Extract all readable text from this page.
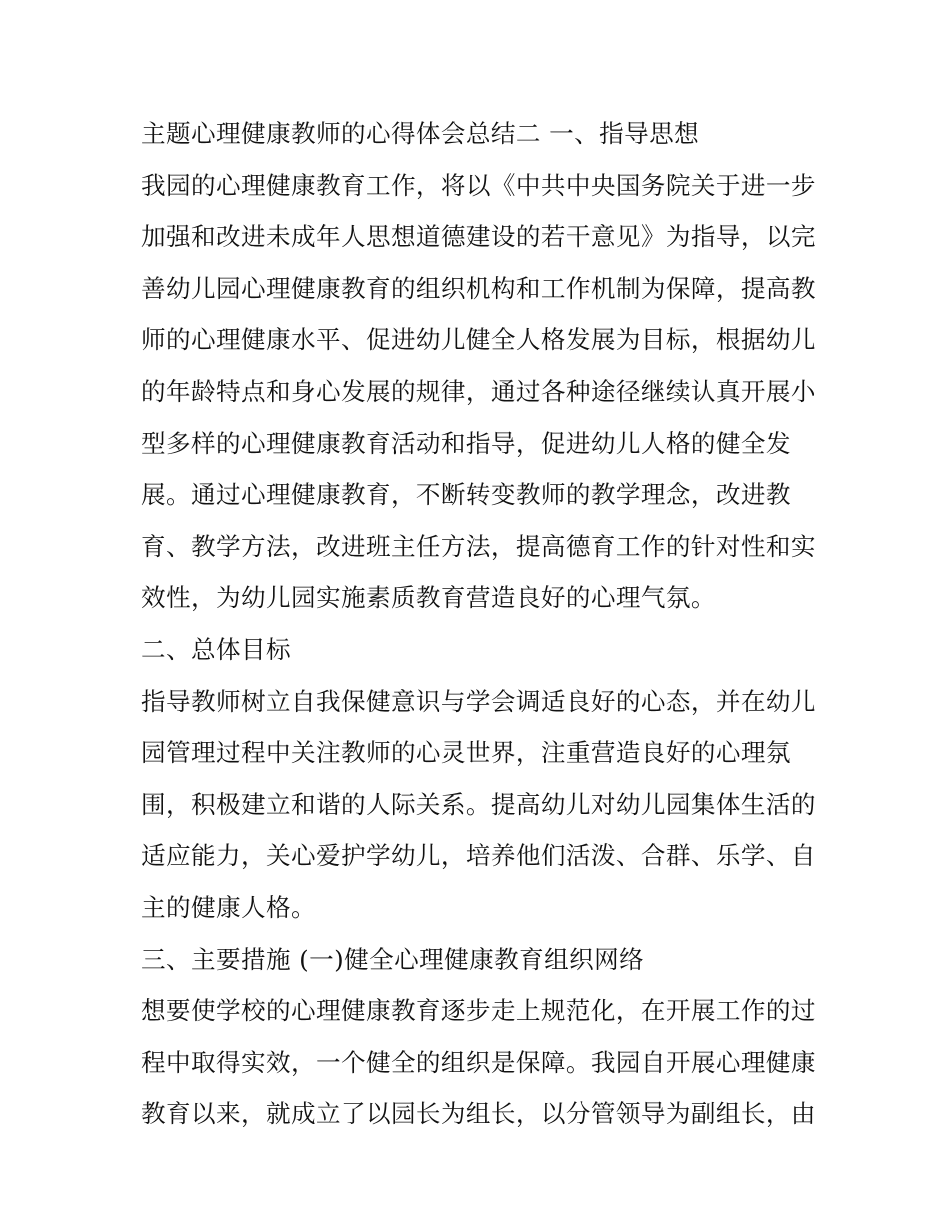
主题心理健康教师的心得体会总结二 一、指导思想
我园的心理健康教育工作，将以《中共中央国务院关于进一步
加强和改进未成年人思想道德建设的若干意见》为指导，以完
善幼儿园心理健康教育的组织机构和工作机制为保障，提高教
师的心理健康水平、促进幼儿健全人格发展为目标，根据幼儿
的年龄特点和身心发展的规律，通过各种途径继续认真开展小
型多样的心理健康教育活动和指导，促进幼儿人格的健全发
展。通过心理健康教育，不断转变教师的教学理念，改进教
育、教学方法，改进班主任方法，提高德育工作的针对性和实
效性，为幼儿园实施素质教育营造良好的心理气氛。
二、总体目标
指导教师树立自我保健意识与学会调适良好的心态，并在幼儿
园管理过程中关注教师的心灵世界，注重营造良好的心理氛
围，积极建立和谐的人际关系。提高幼儿对幼儿园集体生活的
适应能力，关心爱护学幼儿，培养他们活泼、合群、乐学、自
主的健康人格。
三、主要措施 (一)健全心理健康教育组织网络
想要使学校的心理健康教育逐步走上规范化，在开展工作的过
程中取得实效，一个健全的组织是保障。我园自开展心理健康
教育以来，就成立了以园长为组长，以分管领导为副组长，由
